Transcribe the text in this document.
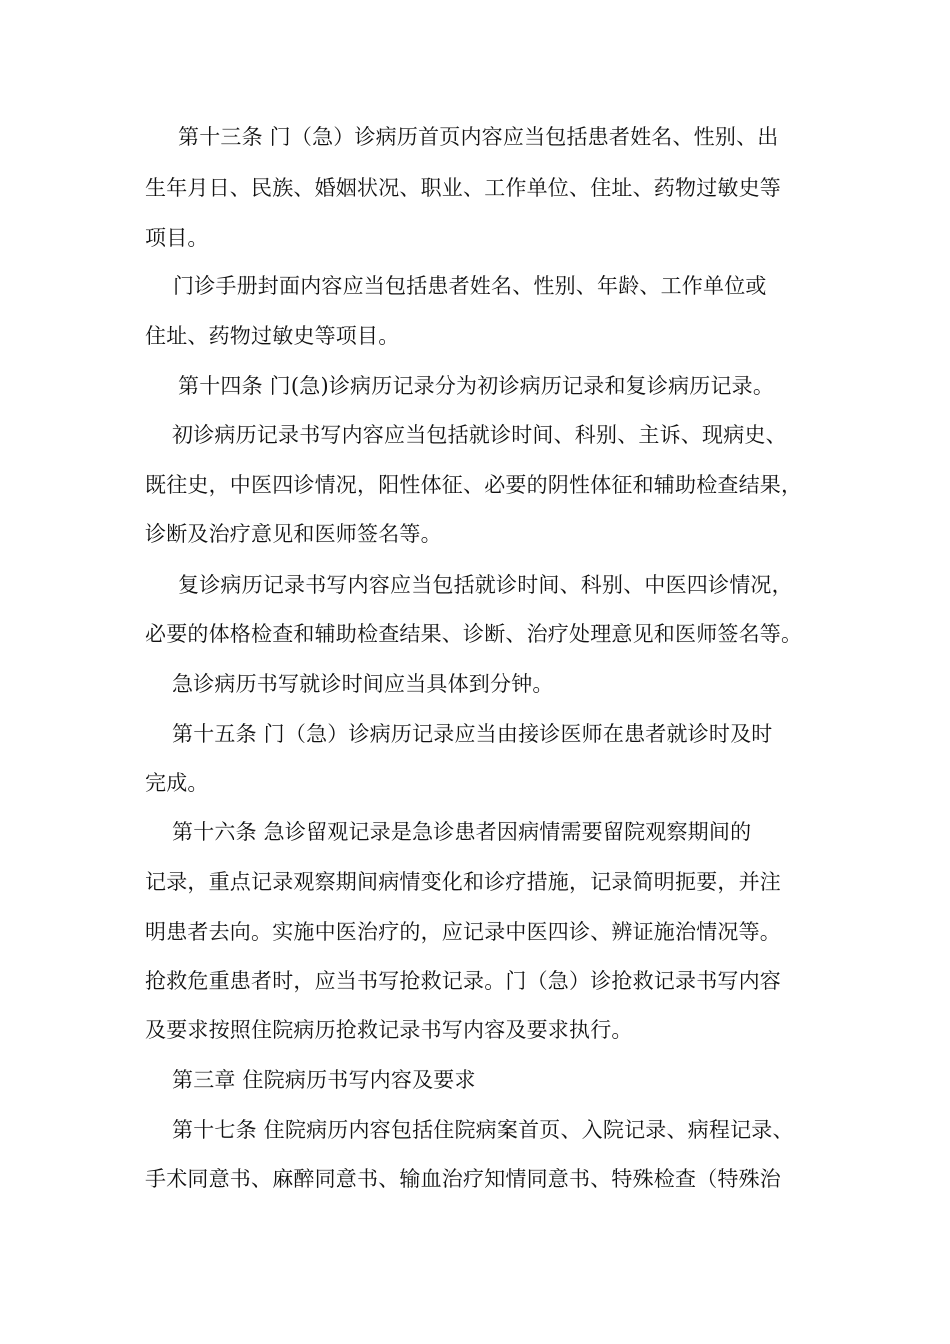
第十三条 门（急）诊病历首页内容应当包括患者姓名、性别、出
生年月日、民族、婚姻状况、职业、工作单位、住址、药物过敏史等
项目。
门诊手册封面内容应当包括患者姓名、性别、年龄、工作单位或
住址、药物过敏史等项目。
第十四条 门(急)诊病历记录分为初诊病历记录和复诊病历记录。
初诊病历记录书写内容应当包括就诊时间、科别、主诉、现病史、
既往史，中医四诊情况，阳性体征、必要的阴性体征和辅助检查结果，
诊断及治疗意见和医师签名等。
复诊病历记录书写内容应当包括就诊时间、科别、中医四诊情况，
必要的体格检查和辅助检查结果、诊断、治疗处理意见和医师签名等。
急诊病历书写就诊时间应当具体到分钟。
第十五条 门（急）诊病历记录应当由接诊医师在患者就诊时及时
完成。
第十六条 急诊留观记录是急诊患者因病情需要留院观察期间的
记录，重点记录观察期间病情变化和诊疗措施，记录简明扼要，并注
明患者去向。实施中医治疗的，应记录中医四诊、辨证施治情况等。
抢救危重患者时，应当书写抢救记录。门（急）诊抢救记录书写内容
及要求按照住院病历抢救记录书写内容及要求执行。
第三章 住院病历书写内容及要求
第十七条 住院病历内容包括住院病案首页、入院记录、病程记录、
手术同意书、麻醉同意书、输血治疗知情同意书、特殊检查（特殊治
